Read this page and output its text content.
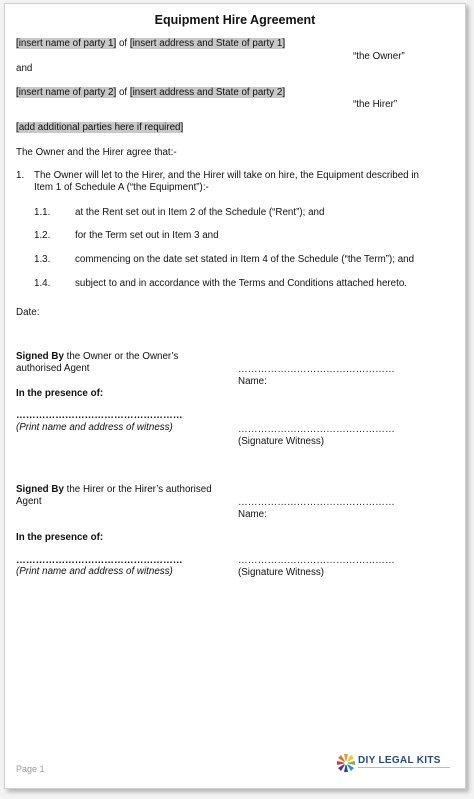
Equipment Hire Agreement
[insert name of party 1] of [insert address and State of party 1]
“the Owner”
and
[insert name of party 2] of [insert address and State of party 2]
“the Hirer”
[add additional parties here if required]
The Owner and the Hirer agree that:-
1. The Owner will let to the Hirer, and the Hirer will take on hire, the Equipment described in
Item 1 of Schedule A (“the Equipment”):-
1.1.	at the Rent set out in Item 2 of the Schedule (“Rent”); and
1.2.	for the Term set out in Item 3 and
1.3.	commencing on the date set stated in Item 4 of the Schedule (“the Term”); and
1.4.	subject to and in accordance with the Terms and Conditions attached hereto.
Date:
Signed By the Owner or the Owner’s
authorised Agent	…………………………………………
Name:
In the presence of:
……………………………………………
(Print name and address of witness)	…………………………………………
(Signature Witness)
Signed By the Hirer or the Hirer’s authorised
Agent	…………………………………………
Name:
In the presence of:
……………………………………………
(Print name and address of witness)
…………………………………………
(Signature Witness)
Page 1
DIY LEGAL KITS
